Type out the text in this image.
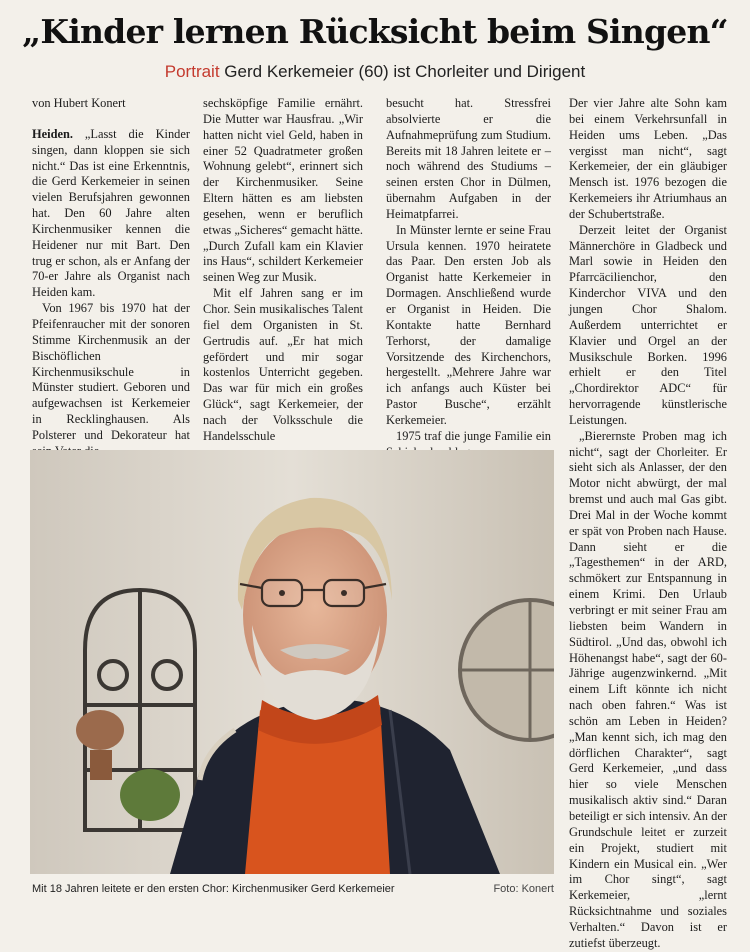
„Kinder lernen Rücksicht beim Singen“
Portrait Gerd Kerkemeier (60) ist Chorleiter und Dirigent
von Hubert Konert

Heiden. „Lasst die Kinder singen, dann kloppen sie sich nicht.“ Das ist eine Erkenntnis, die Gerd Kerkemeier in seinen vielen Berufsjahren gewonnen hat. Den 60 Jahre alten Kirchenmusiker kennen die Heidener nur mit Bart. Den trug er schon, als er Anfang der 70-er Jahre als Organist nach Heiden kam.

Von 1967 bis 1970 hat der Pfeifenraucher mit der sonoren Stimme Kirchenmusik an der Bischöflichen Kirchenmusikschule in Münster studiert. Geboren und aufgewachsen ist Kerkemeier in Recklinghausen. Als Polsterer und Dekorateur hat

sechsköpfige Familie ernährt. Die Mutter war Hausfrau. „Wir hatten nicht viel Geld, haben in einer 52 Quadratmeter großen Wohnung gelebt“, erinnert sich der Kirchenmusiker. Seine Eltern hätten es am liebsten gesehen, wenn er beruflich etwas „Sicheres“ gemacht hätte. „Durch Zufall kam ein Klavier ins Haus“, schildert Kerkemeier seinen Weg zur Musik.

Mit elf Jahren sang er im Chor. Sein musikalisches Talent fiel dem Organisten in St. Gertrudis auf. „Er hat mich gefördert und mir sogar kostenlos Unterricht gegeben. Das war für mich ein großes Glück“, sagt Kerkemeier, der nach der Volksschule die Handelsschule

besucht hat. Stressfrei absolvierte er die Aufnahmeprüfung zum Studium. Bereits mit 18 Jahren leitete er – noch während des Studiums – seinen ersten Chor in Dülmen, übernahm Aufgaben in der Heimatpfarrei.

In Münster lernte er seine Frau Ursula kennen. 1970 heiratete das Paar. Den ersten Job als Organist hatte Kerkemeier in Dormagen. Anschließend wurde er Organist in Heiden. Die Kontakte hatte Bernhard Terhorst, der damalige Vorsitzende des Kirchenchors, hergestellt. „Mehrere Jahre war ich anfangs auch Küster bei Pastor Busche“, erzählt Kerkemeier.

1975 traf die junge Familie ein

Der vier Jahre alte Sohn kam bei einem Verkehrsunfall in Heiden ums Leben. „Das vergisst man nicht“, sagt Kerkemeier, der ein gläubiger Mensch ist. 1976 bezogen die Kerkemeiers ihr Atriumhaus an der Schubertstraße.

Derzeit leitet der Organist Männerchöre in Gladbeck und Marl sowie in Heiden den Pfarrcäcilienchor, den Kinderchor VIVA und den jungen Chor Shalom. Außerdem unterrichtet er Klavier und Orgel an der Musikschule Borken. 1996 erhielt er den Titel „Chordirektor ADC“ für hervorragende künstlerische Leistungen.

„Bierernste Proben mag ich nicht“, sagt der Chorleiter. Er sieht sich als Anlasser, der den Motor nicht abwürgt, der mal bremst und auch mal Gas gibt. Drei Mal in der Woche kommt er spät von Proben nach Hause. Dann sieht er die „Tagesthemen“ in der ARD, schmökert zur Entspannung in einem Krimi. Den Urlaub verbringt er mit seiner Frau am liebsten beim Wandern in Südtirol. „Und das, obwohl ich Höhenangst habe“, sagt der 60-Jährige augenzwinkernd. „Mit einem Lift könnte ich nicht nach oben fahren.“ Was ist schön am Leben in Heiden? „Man kennt sich, ich mag den dörflichen Charakter“, sagt Gerd Kerkemeier, „und dass hier so viele Menschen musikalisch aktiv sind.“ Daran beteiligt er sich intensiv. An der Grundschule leitet er zurzeit ein Projekt, studiert mit Kindern ein Musical ein. „Wer im Chor singt“, sagt Kerkemeier, „lernt Rücksichtnahme und soziales Verhalten.“ Davon ist er zutiefst überzeugt.

Mit 18 Jahren leitete er den ersten Chor: Kirchenmusiker Gerd Kerkemeier	Foto: Konert
